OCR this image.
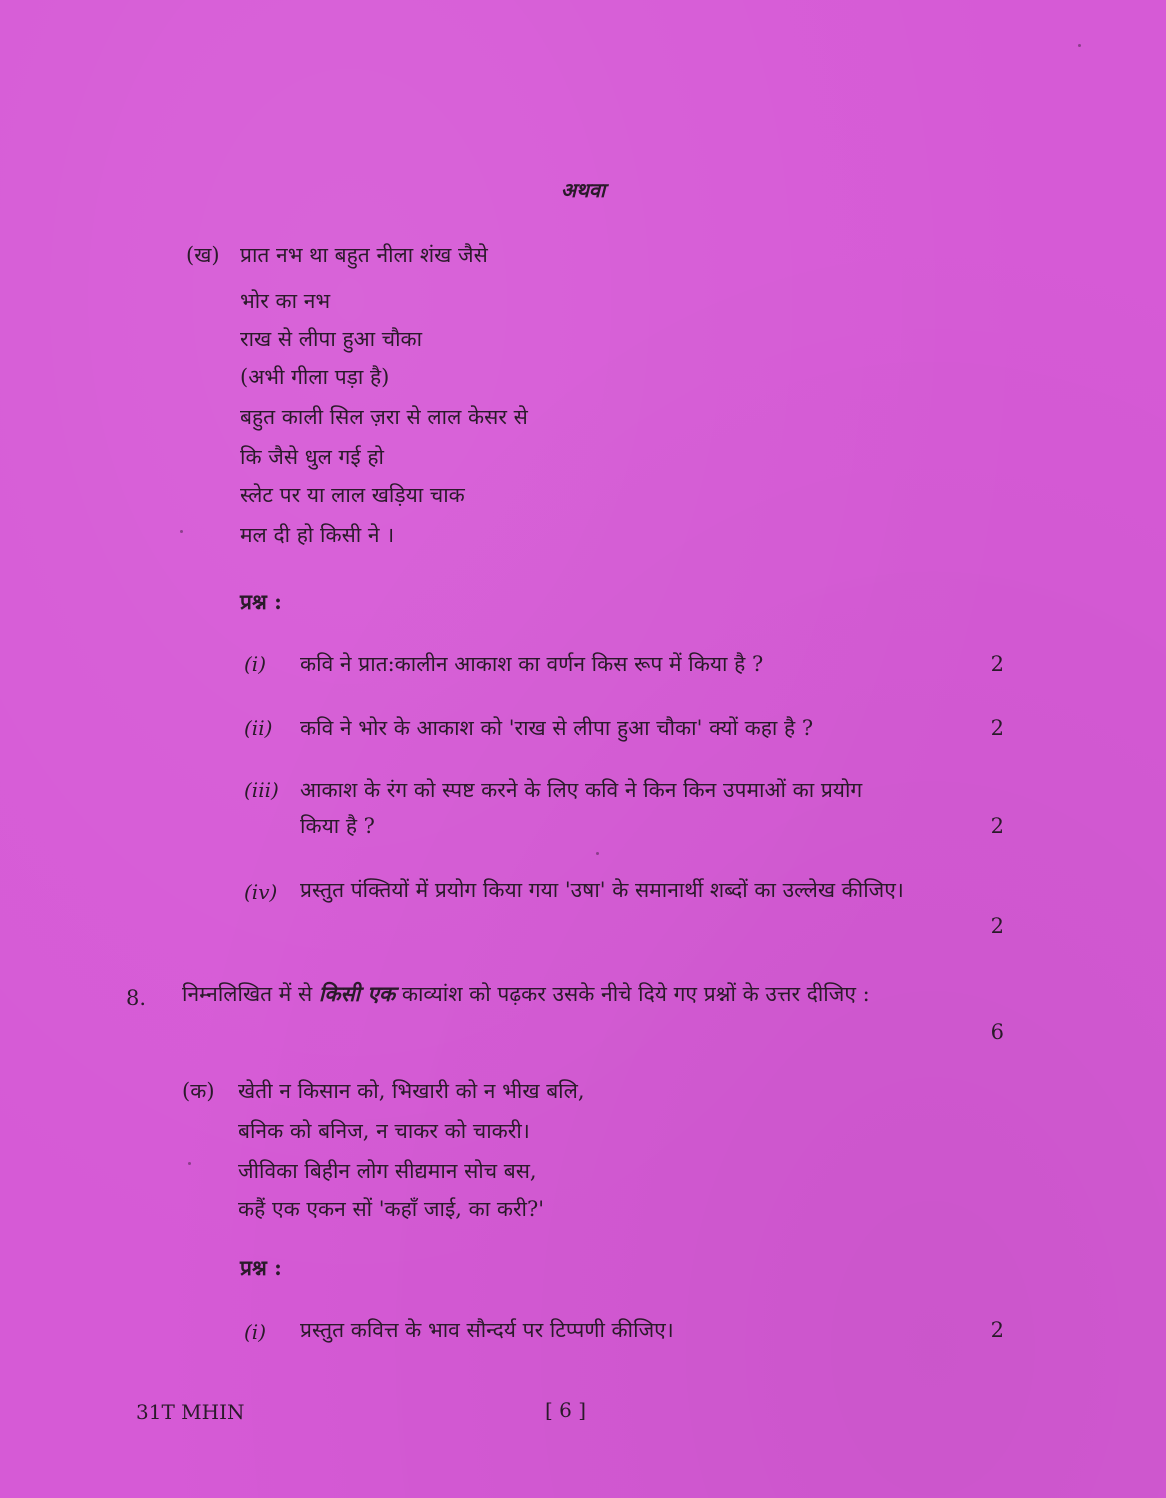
अथवा
(ख) प्रात नभ था बहुत नीला शंख जैसे
भोर का नभ
राख से लीपा हुआ चौका
(अभी गीला पड़ा है)
बहुत काली सिल ज़रा से लाल केसर से
कि जैसे धुल गई हो
स्लेट पर या लाल खड़िया चाक
मल दी हो किसी ने ।
प्रश्न :
(i) कवि ने प्रात:कालीन आकाश का वर्णन किस रूप में किया है ?	2
(ii) कवि ने भोर के आकाश को 'राख से लीपा हुआ चौका' क्यों कहा है ?	2
(iii) आकाश के रंग को स्पष्ट करने के लिए कवि ने किन किन उपमाओं का प्रयोग
किया है ?	2
(iv) प्रस्तुत पंक्तियों में प्रयोग किया गया 'उषा' के समानार्थी शब्दों का उल्लेख कीजिए।
2
8. निम्नलिखित में से किसी एक काव्यांश को पढ़कर उसके नीचे दिये गए प्रश्नों के उत्तर दीजिए :
6
(क) खेती न किसान को, भिखारी को न भीख बलि,
बनिक को बनिज, न चाकर को चाकरी।
जीविका बिहीन लोग सीद्यमान सोच बस,
कहैं एक एकन सों 'कहाँ जाई, का करी?'
प्रश्न :
(i) प्रस्तुत कवित्त के भाव सौन्दर्य पर टिप्पणी कीजिए।	2
31T MHIN	[ 6 ]
